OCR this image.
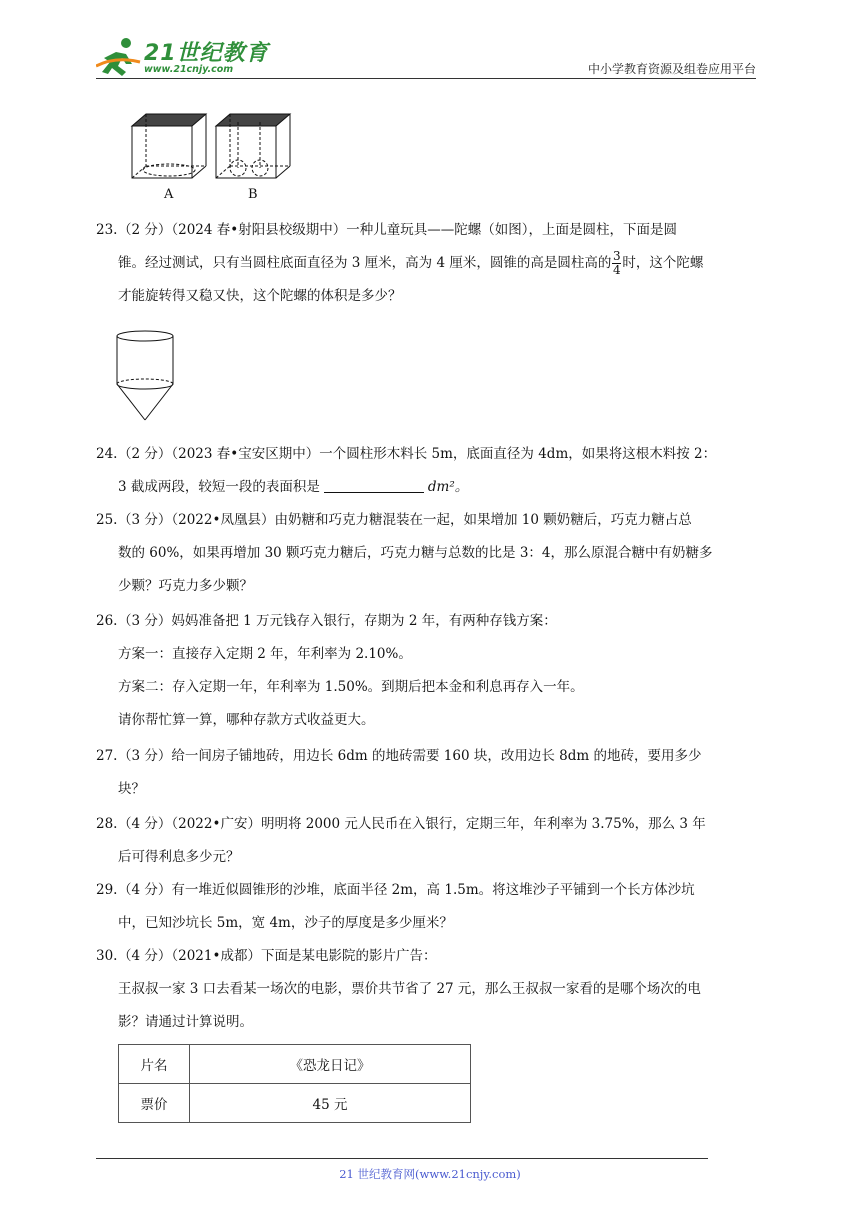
21世纪教育
www.21cnjy.com	中小学教育资源及组卷应用平台
A	B

23.（2 分）（2024 春•射阳县校级期中）一种儿童玩具——陀螺（如图），上面是圆柱，下面是圆

锥。经过测试，只有当圆柱底面直径为 3 厘米，高为 4 厘米，圆锥的高是圆柱高的 $\frac{3}{4}$ 时，这个陀螺

才能旋转得又稳又快，这个陀螺的体积是多少？

24.（2 分）（2023 春•宝安区期中）一个圆柱形木料长 5m，底面直径为 4dm，如果将这根木料按 2：

3 截成两段，较短一段的表面积是	dm²。

25.（3 分）（2022•凤凰县）由奶糖和巧克力糖混装在一起，如果增加 10 颗奶糖后，巧克力糖占总

数的 60%，如果再增加 30 颗巧克力糖后，巧克力糖与总数的比是 3：4，那么原混合糖中有奶糖多

少颗？巧克力多少颗？

26.（3 分）妈妈准备把 1 万元钱存入银行，存期为 2 年，有两种存钱方案：

方案一：直接存入定期 2 年，年利率为 2.10%。

方案二：存入定期一年，年利率为 1.50%。到期后把本金和利息再存入一年。

请你帮忙算一算，哪种存款方式收益更大。

27.（3 分）给一间房子铺地砖，用边长 6dm 的地砖需要 160 块，改用边长 8dm 的地砖，要用多少

块？

28.（4 分）（2022•广安）明明将 2000 元人民币在入银行，定期三年，年利率为 3.75%，那么 3 年

后可得利息多少元？

29.（4 分）有一堆近似圆锥形的沙堆，底面半径 2m，高 1.5m。将这堆沙子平铺到一个长方体沙坑

中，已知沙坑长 5m，宽 4m，沙子的厚度是多少厘米？

30.（4 分）（2021•成都）下面是某电影院的影片广告：

王叔叔一家 3 口去看某一场次的电影，票价共节省了 27 元，那么王叔叔一家看的是哪个场次的电

影？请通过计算说明。

片名	《恐龙日记》
票价	45 元
21 世纪教育网(www.21cnjy.com)
